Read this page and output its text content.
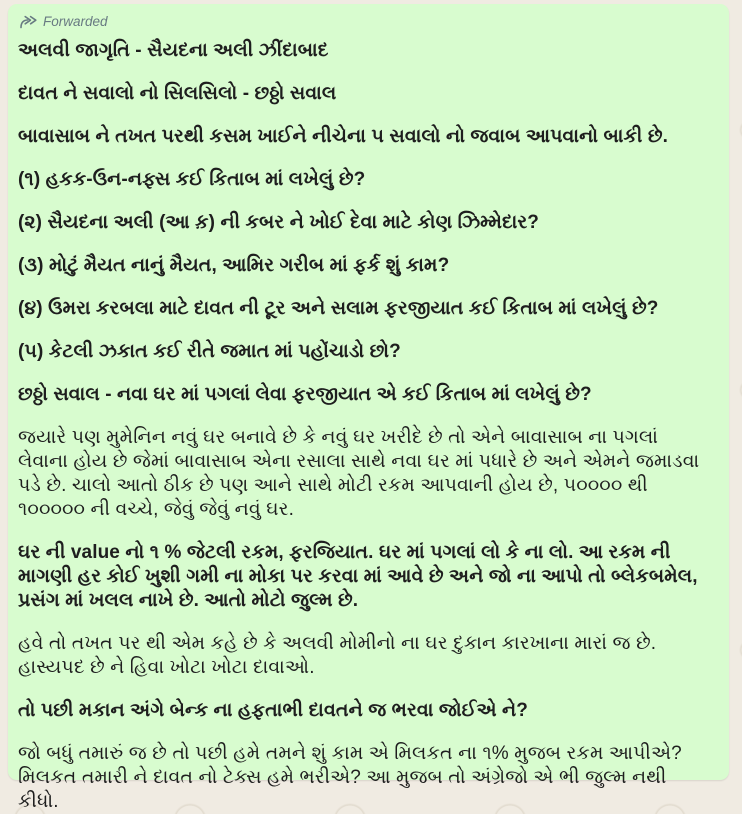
Forwarded

અલવી જાગૃતિ - સૈયદના અલી ઝીંદાબાદ

દાવત ને સવાલો નો સિલસિલો - છઠ્ઠો સવાલ

બાવાસાબ ને તખત પરથી કસમ ખાઈને નીચેના ૫ સવાલો નો જવાબ આપવાનો બાકી છે.

(૧) હકક-ઉન-નફ્સ કઈ કિતાબ માં લખેલું છે?

(૨) સૈયદના અલી (આ ક઼) ની કબર ને ખોઈ દેવા માટે કોણ ઝિમ્મેદાર?

(૩) મોટું મૈયત નાનું મૈયત, આમિર ગરીબ માં ફર્ક શું કામ?

(૪) ઉમરા કરબલા માટે દાવત ની ટૂર અને સલામ ફરજીયાત કઈ કિતાબ માં લખેલું છે?

(૫) કેટલી ઝકાત કઈ રીતે જમાત માં પહોંચાડો છો?

છઠ્ઠો સવાલ - નવા ઘર માં પગલાં લેવા ફરજીયાત એ કઈ કિતાબ માં લખેલું છે?

જયારે પણ મુમેનિન નવું ઘર બનાવે છે કે નવું ઘર ખરીદે છે તો એને બાવાસાબ ના પગલાં લેવાના હોય છે જેમાં બાવાસાબ એના રસાલા સાથે નવા ઘર માં પધારે છે અને એમને જમાડવા પડે છે. ચાલો આતો ઠીક છે પણ આને સાથે મોટી રકમ આપવાની હોય છે, ૫૦૦૦૦ થી ૧૦૦૦૦૦ ની વચ્ચે, જેવું જેવું નવું ઘર.

ઘર ની value નો ૧ % જેટલી રકમ, ફરજિયાત. ઘર માં પગલાં લો કે ના લો. આ રકમ ની માગણી હર કોઈ ખુશી ગમી ના મોકા પર કરવા માં આવે છે અને જો ના આપો તો બ્લેકબમેલ, પ્રસંગ માં ખલલ નાખે છે. આતો મોટો જુલ્મ છે.

હવે તો તખત પર થી એમ કહે છે કે અલવી મોમીનો ના ઘર દુકાન કારખાના મારાં જ છે. હાસ્યપદ છે ને હિવા ખોટા ખોટા દાવાઓ.

તો પછી મકાન અંગે બેન્ક ના હફતાભી દાવતને જ ભરવા જોઈએ ને?

જો બધું તમારું જ છે તો પછી હમે તમને શું કામ એ મિલકત ના ૧% મુજબ રકમ આપીએ? મિલકત તમારી ને દાવત નો ટેક્સ હમે ભરીએ? આ મુજબ તો અંગ્રેજો એ ભી જુલ્મ નથી કીધો.
